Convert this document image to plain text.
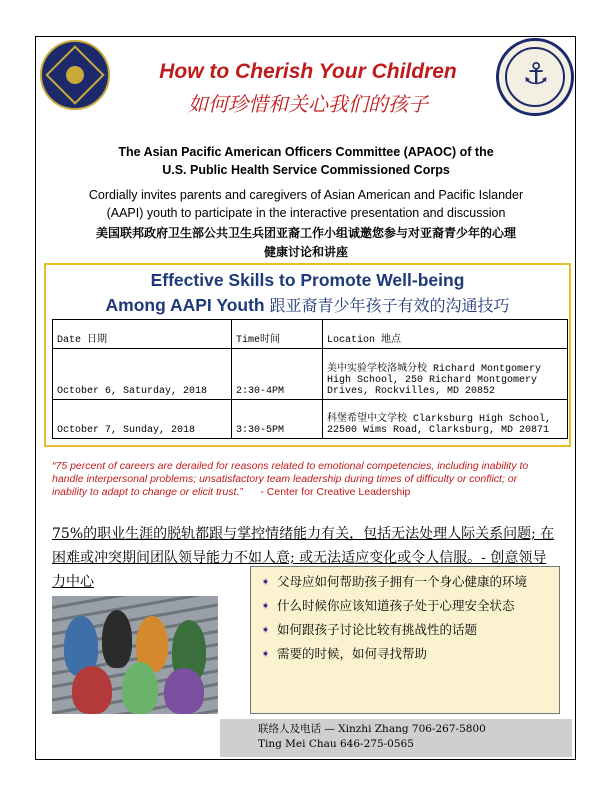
⚓
How to Cherish Your Children
如何珍惜和关心我们的孩子
The Asian Pacific American Officers Committee (APAOC) of the
U.S. Public Health Service Commissioned Corps
Cordially invites parents and caregivers of Asian American and Pacific Islander
(AAPI) youth to participate in the interactive presentation and discussion
美国联邦政府卫生部公共卫生兵团亚裔工作小组诚邀您参与对亚裔青少年的心理
健康讨论和讲座
Effective Skills to Promote Well-being
Among AAPI Youth 跟亚裔青少年孩子有效的沟通技巧
Date 日期	Time时间	Location 地点
October 6, Saturday, 2018	2:30-4PM	美中实验学校洛城分校 Richard Montgomery High School, 250 Richard Montgomery Drives, Rockvilles, MD 20852
October 7, Sunday, 2018	3:30-5PM	科堡希望中文学校 Clarksburg High School, 22500 Wims Road, Clarksburg, MD 20871
“75 percent of careers are derailed for reasons related to emotional competencies, including inability to handle interpersonal problems; unsatisfactory team leadership during times of difficulty or conflict; or inability to adapt to change or elicit trust.” - Center for Creative Leadership
75%的职业生涯的脱轨都跟与掌控情绪能力有关，包括无法处理人际关系问题; 在困难或冲突期间团队领导能力不如人意; 或无法适应变化或令人信服。- 创意领导力中心	➧ 父母应如何帮助孩子拥有一个身心健康的环境
➧ 什么时候你应该知道孩子处于心理安全状态
➧ 如何跟孩子讨论比较有挑战性的话题
➧ 需要的时候，如何寻找帮助
联络人及电话 — Xinzhi Zhang 706-267-5800
Ting Mei Chau 646-275-0565
